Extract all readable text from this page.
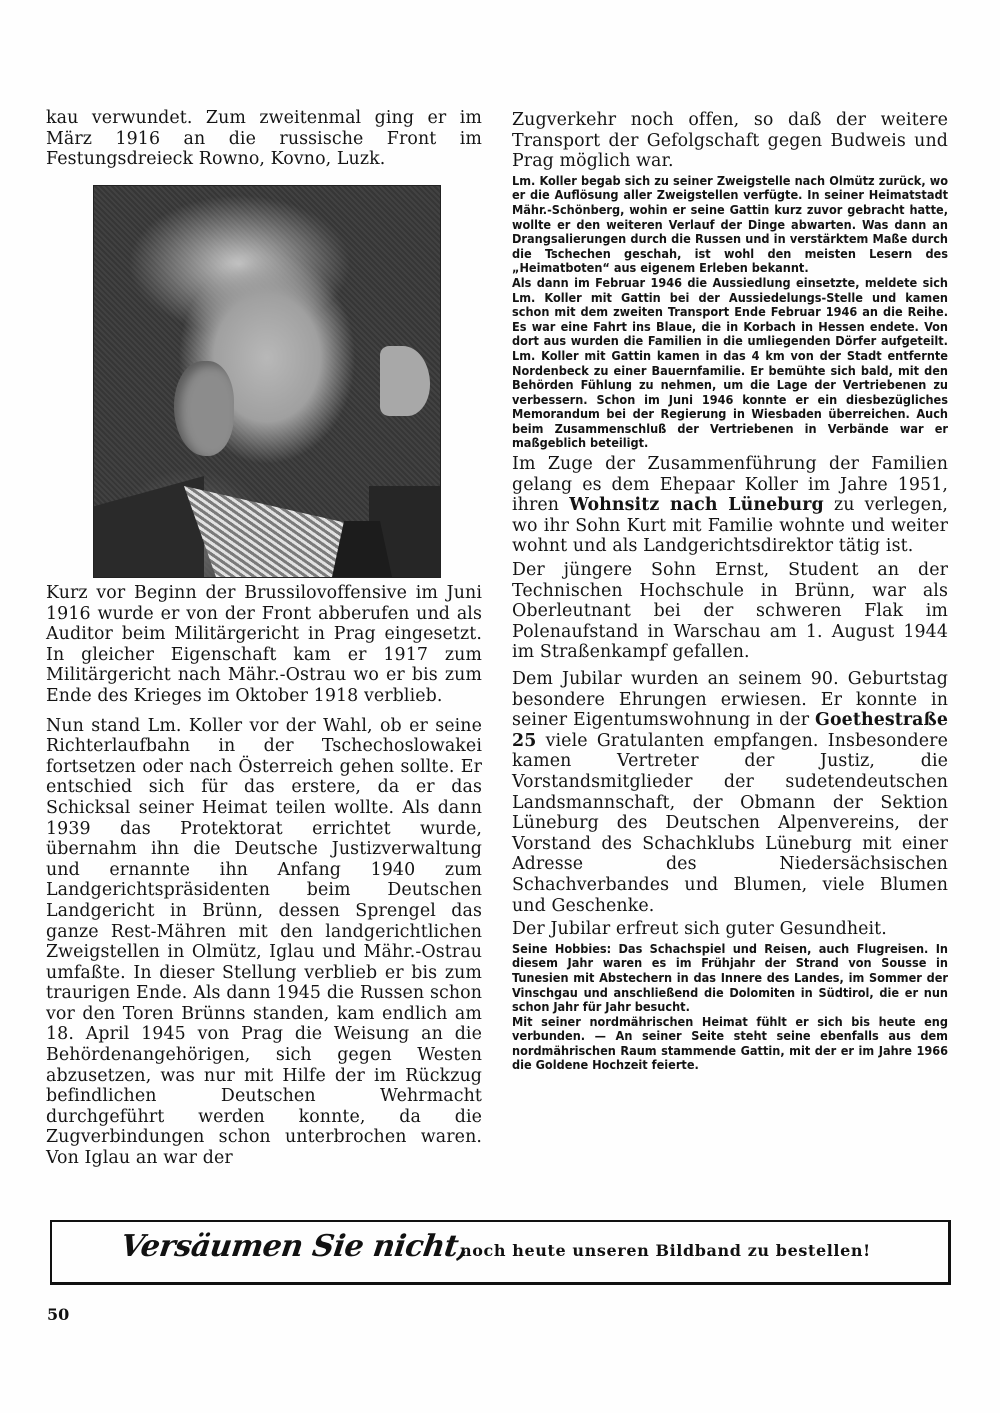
kau verwundet. Zum zweitenmal ging er im März 1916 an die russische Front im Festungsdreieck Rowno, Kovno, Luzk.

Kurz vor Beginn der Brussilovoffensive im Juni 1916 wurde er von der Front abberufen und als Auditor beim Militärgericht in Prag eingesetzt. In gleicher Eigenschaft kam er 1917 zum Militärgericht nach Mähr.-Ostrau wo er bis zum Ende des Krieges im Oktober 1918 verblieb.

Nun stand Lm. Koller vor der Wahl, ob er seine Richterlaufbahn in der Tschechoslowakei fortsetzen oder nach Österreich gehen sollte. Er entschied sich für das erstere, da er das Schicksal seiner Heimat teilen wollte. Als dann 1939 das Protektorat errichtet wurde, übernahm ihn die Deutsche Justizverwaltung und ernannte ihn Anfang 1940 zum Landgerichtspräsidenten beim Deutschen Landgericht in Brünn, dessen Sprengel das ganze Rest-Mähren mit den landgerichtlichen Zweigstellen in Olmütz, Iglau und Mähr.-Ostrau umfaßte. In dieser Stellung verblieb er bis zum traurigen Ende. Als dann 1945 die Russen schon vor den Toren Brünns standen, kam endlich am 18. April 1945 von Prag die Weisung an die Behördenangehörigen, sich gegen Westen abzusetzen, was nur mit Hilfe der im Rückzug befindlichen Deutschen Wehrmacht durchgeführt werden konnte, da die Zugverbindungen schon unterbrochen waren. Von Iglau an war der

Zugverkehr noch offen, so daß der weitere Transport der Gefolgschaft gegen Budweis und Prag möglich war.

Lm. Koller begab sich zu seiner Zweigstelle nach Olmütz zurück, wo er die Auflösung aller Zweigstellen verfügte. In seiner Heimatstadt Mähr.-Schönberg, wohin er seine Gattin kurz zuvor gebracht hatte, wollte er den weiteren Verlauf der Dinge abwarten. Was dann an Drangsalierungen durch die Russen und in verstärktem Maße durch die Tschechen geschah, ist wohl den meisten Lesern des „Heimatboten“ aus eigenem Erleben bekannt.

Als dann im Februar 1946 die Aussiedlung einsetzte, meldete sich Lm. Koller mit Gattin bei der Aussiedelungs-Stelle und kamen schon mit dem zweiten Transport Ende Februar 1946 an die Reihe. Es war eine Fahrt ins Blaue, die in Korbach in Hessen endete. Von dort aus wurden die Familien in die umliegenden Dörfer aufgeteilt. Lm. Koller mit Gattin kamen in das 4 km von der Stadt entfernte Nordenbeck zu einer Bauernfamilie. Er bemühte sich bald, mit den Behörden Fühlung zu nehmen, um die Lage der Vertriebenen zu verbessern. Schon im Juni 1946 konnte er ein diesbezügliches Memorandum bei der Regierung in Wiesbaden überreichen. Auch beim Zusammenschluß der Vertriebenen in Verbände war er maßgeblich beteiligt.

Im Zuge der Zusammenführung der Familien gelang es dem Ehepaar Koller im Jahre 1951, ihren Wohnsitz nach Lüneburg zu verlegen, wo ihr Sohn Kurt mit Familie wohnte und weiter wohnt und als Landgerichtsdirektor tätig ist.

Der jüngere Sohn Ernst, Student an der Technischen Hochschule in Brünn, war als Oberleutnant bei der schweren Flak im Polenaufstand in Warschau am 1. August 1944 im Straßenkampf gefallen.

Dem Jubilar wurden an seinem 90. Geburtstag besondere Ehrungen erwiesen. Er konnte in seiner Eigentumswohnung in der Goethestraße 25 viele Gratulanten empfangen. Insbesondere kamen Vertreter der Justiz, die Vorstandsmitglieder der sudetendeutschen Landsmannschaft, der Obmann der Sektion Lüneburg des Deutschen Alpenvereins, der Vorstand des Schachklubs Lüneburg mit einer Adresse des Niedersächsischen Schachverbandes und Blumen, viele Blumen und Geschenke.

Der Jubilar erfreut sich guter Gesundheit.

Seine Hobbies: Das Schachspiel und Reisen, auch Flugreisen. In diesem Jahr waren es im Frühjahr der Strand von Sousse in Tunesien mit Abstechern in das Innere des Landes, im Sommer der Vinschgau und anschließend die Dolomiten in Südtirol, die er nun schon Jahr für Jahr besucht.

Mit seiner nordmährischen Heimat fühlt er sich bis heute eng verbunden. — An seiner Seite steht seine ebenfalls aus dem nordmährischen Raum stammende Gattin, mit der er im Jahre 1966 die Goldene Hochzeit feierte.

Versäumen Sie nicht,
noch heute unseren Bildband zu bestellen!
50
